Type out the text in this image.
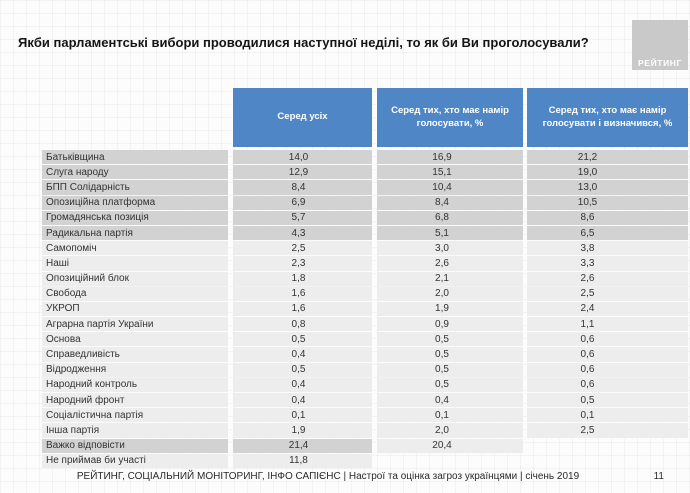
Якби парламентські вибори проводилися наступної неділі, то як би Ви проголосували?
РЕЙТИНГ
Серед усіх
Серед тих, хто має намір голосувати, %
Серед тих, хто має намір голосувати і визначився, %
Батьківщина	14,0	16,9	21,2
Слуга народу	12,9	15,1	19,0
БПП Солідарність	8,4	10,4	13,0
Опозиційна платформа	6,9	8,4	10,5
Громадянська позиція	5,7	6,8	8,6
Радикальна партія	4,3	5,1	6,5
Самопоміч	2,5	3,0	3,8
Наші	2,3	2,6	3,3
Опозиційний блок	1,8	2,1	2,6
Свобода	1,6	2,0	2,5
УКРОП	1,6	1,9	2,4
Аграрна партія України	0,8	0,9	1,1
Основа	0,5	0,5	0,6
Справедливість	0,4	0,5	0,6
Відродження	0,5	0,5	0,6
Народний контроль	0,4	0,5	0,6
Народний фронт	0,4	0,4	0,5
Соціалістична партія	0,1	0,1	0,1
Інша партія	1,9	2,0	2,5
Важко відповісти	21,4	20,4
Не приймав би участі	11,8
РЕЙТИНГ, СОЦІАЛЬНИЙ МОНІТОРИНГ, ІНФО САПІЄНС | Настрої та оцінка загроз українцями | січень 2019	11
